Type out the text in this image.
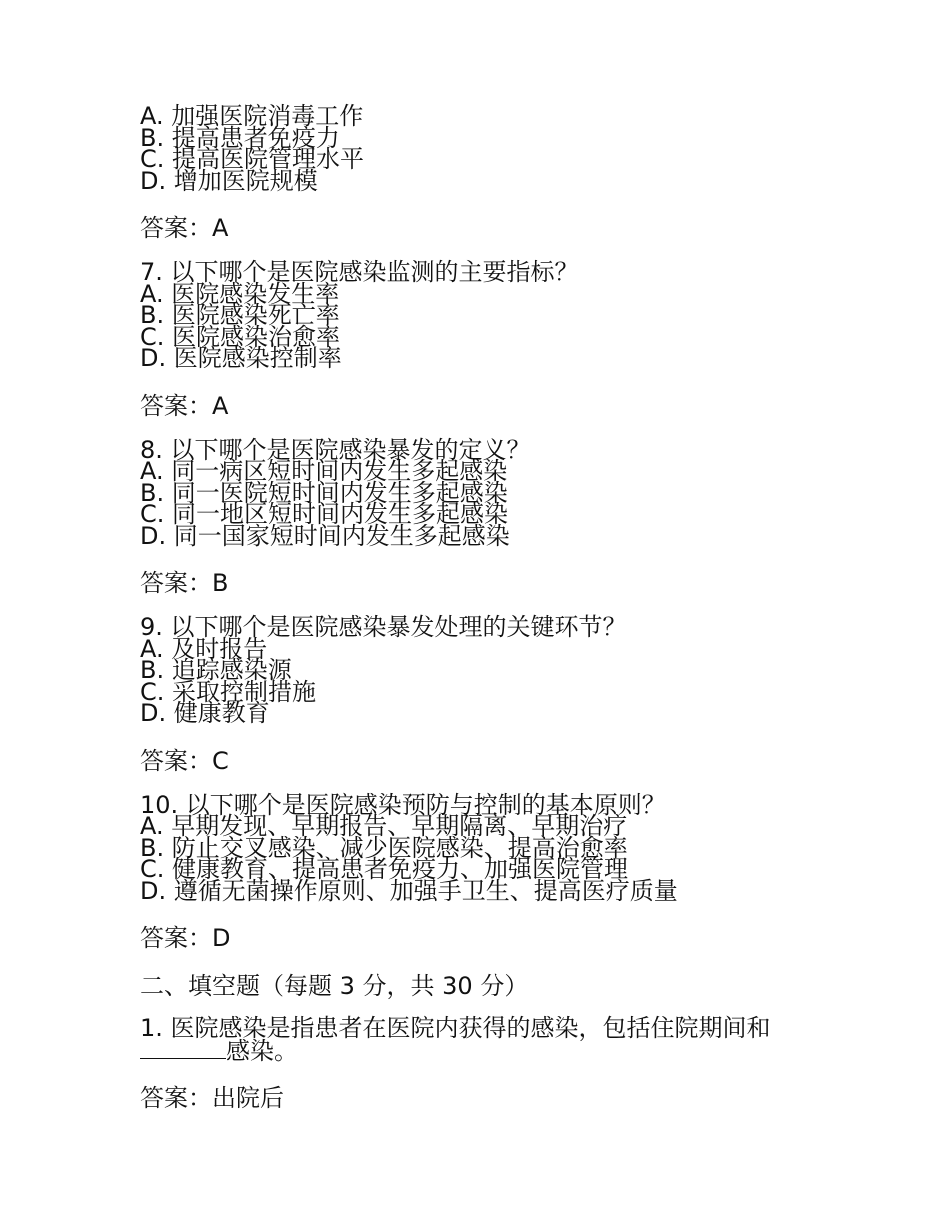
A. 加强医院消毒工作
B. 提高患者免疫力
C. 提高医院管理水平
D. 增加医院规模
答案：A
7. 以下哪个是医院感染监测的主要指标？
A. 医院感染发生率
B. 医院感染死亡率
C. 医院感染治愈率
D. 医院感染控制率
答案：A
8. 以下哪个是医院感染暴发的定义？
A. 同一病区短时间内发生多起感染
B. 同一医院短时间内发生多起感染
C. 同一地区短时间内发生多起感染
D. 同一国家短时间内发生多起感染
答案：B
9. 以下哪个是医院感染暴发处理的关键环节？
A. 及时报告
B. 追踪感染源
C. 采取控制措施
D. 健康教育
答案：C
10. 以下哪个是医院感染预防与控制的基本原则？
A. 早期发现、早期报告、早期隔离、早期治疗
B. 防止交叉感染、减少医院感染、提高治愈率
C. 健康教育、提高患者免疫力、加强医院管理
D. 遵循无菌操作原则、加强手卫生、提高医疗质量
答案：D
二、填空题（每题 3 分，共 30 分）
1. 医院感染是指患者在医院内获得的感染，包括住院期间和
感染。
答案：出院后
